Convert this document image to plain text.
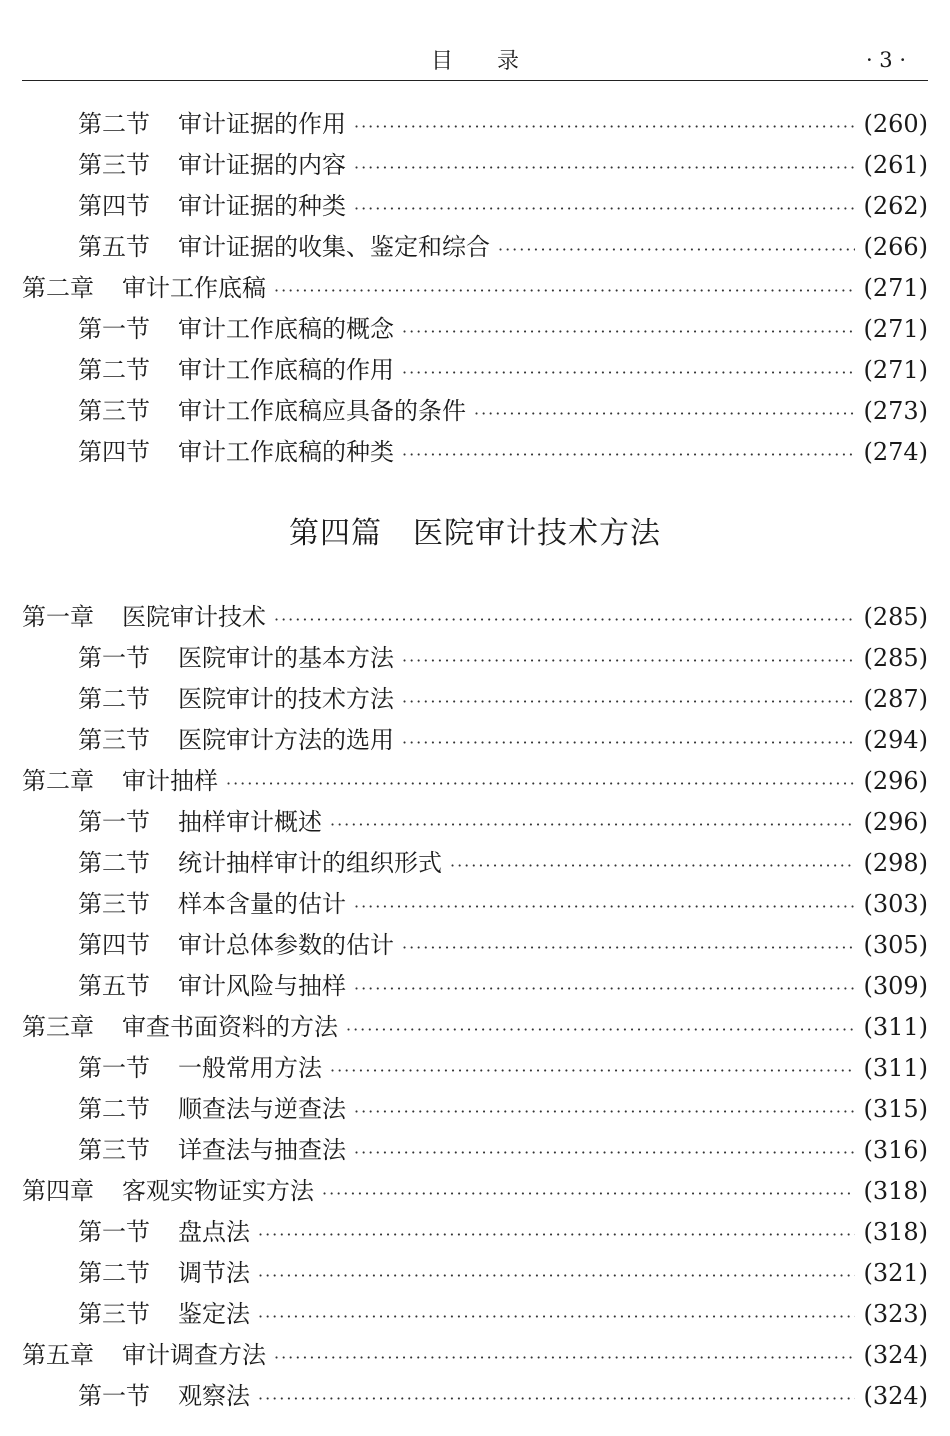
目录	· 3 ·
第二节	审计证据的作用 ·····	(260)
第三节	审计证据的内容 ·····	(261)
第四节	审计证据的种类 ·····	(262)
第五节	审计证据的收集、鉴定和综合 ·····	(266)
第二章	审计工作底稿 ·····	(271)
第一节	审计工作底稿的概念 ·····	(271)
第二节	审计工作底稿的作用 ·····	(271)
第三节	审计工作底稿应具备的条件 ·····	(273)
第四节	审计工作底稿的种类 ·····	(274)
第四篇　医院审计技术方法
第一章	医院审计技术 ·····	(285)
第一节	医院审计的基本方法 ·····	(285)
第二节	医院审计的技术方法 ·····	(287)
第三节	医院审计方法的选用 ·····	(294)
第二章	审计抽样 ·····	(296)
第一节	抽样审计概述 ·····	(296)
第二节	统计抽样审计的组织形式 ·····	(298)
第三节	样本含量的估计 ·····	(303)
第四节	审计总体参数的估计 ·····	(305)
第五节	审计风险与抽样 ·····	(309)
第三章	审查书面资料的方法 ·····	(311)
第一节	一般常用方法 ·····	(311)
第二节	顺查法与逆查法 ·····	(315)
第三节	详查法与抽查法 ·····	(316)
第四章	客观实物证实方法 ·····	(318)
第一节	盘点法 ·····	(318)
第二节	调节法 ·····	(321)
第三节	鉴定法 ·····	(323)
第五章	审计调查方法 ·····	(324)
第一节	观察法 ·····	(324)
